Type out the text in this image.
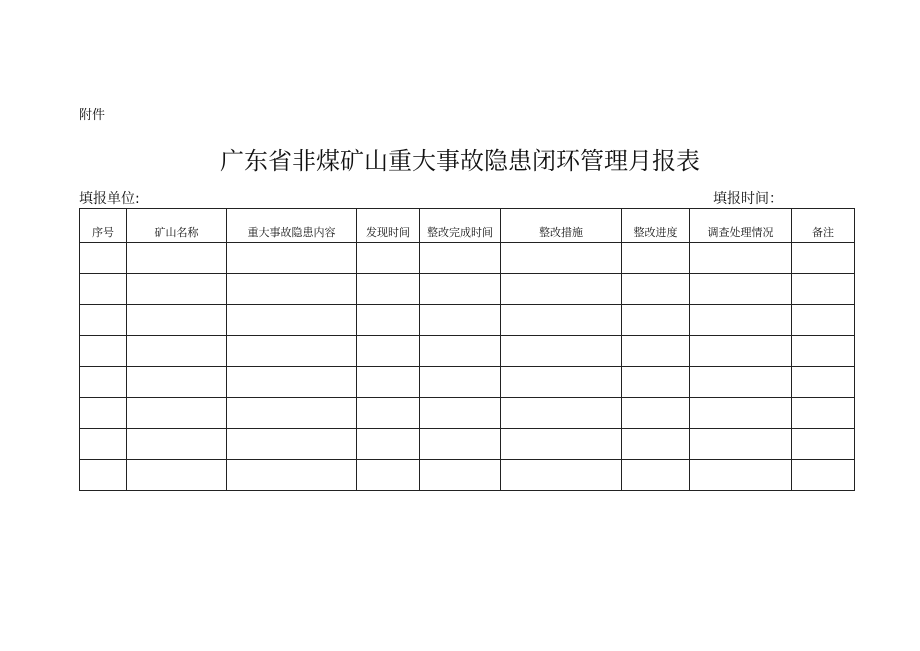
附件
广东省非煤矿山重大事故隐患闭环管理月报表
填报单位:	填报时间：
序号	矿山名称	重大事故隐患内容	发现时间	整改完成时间	整改措施	整改进度	调查处理情况	备注
